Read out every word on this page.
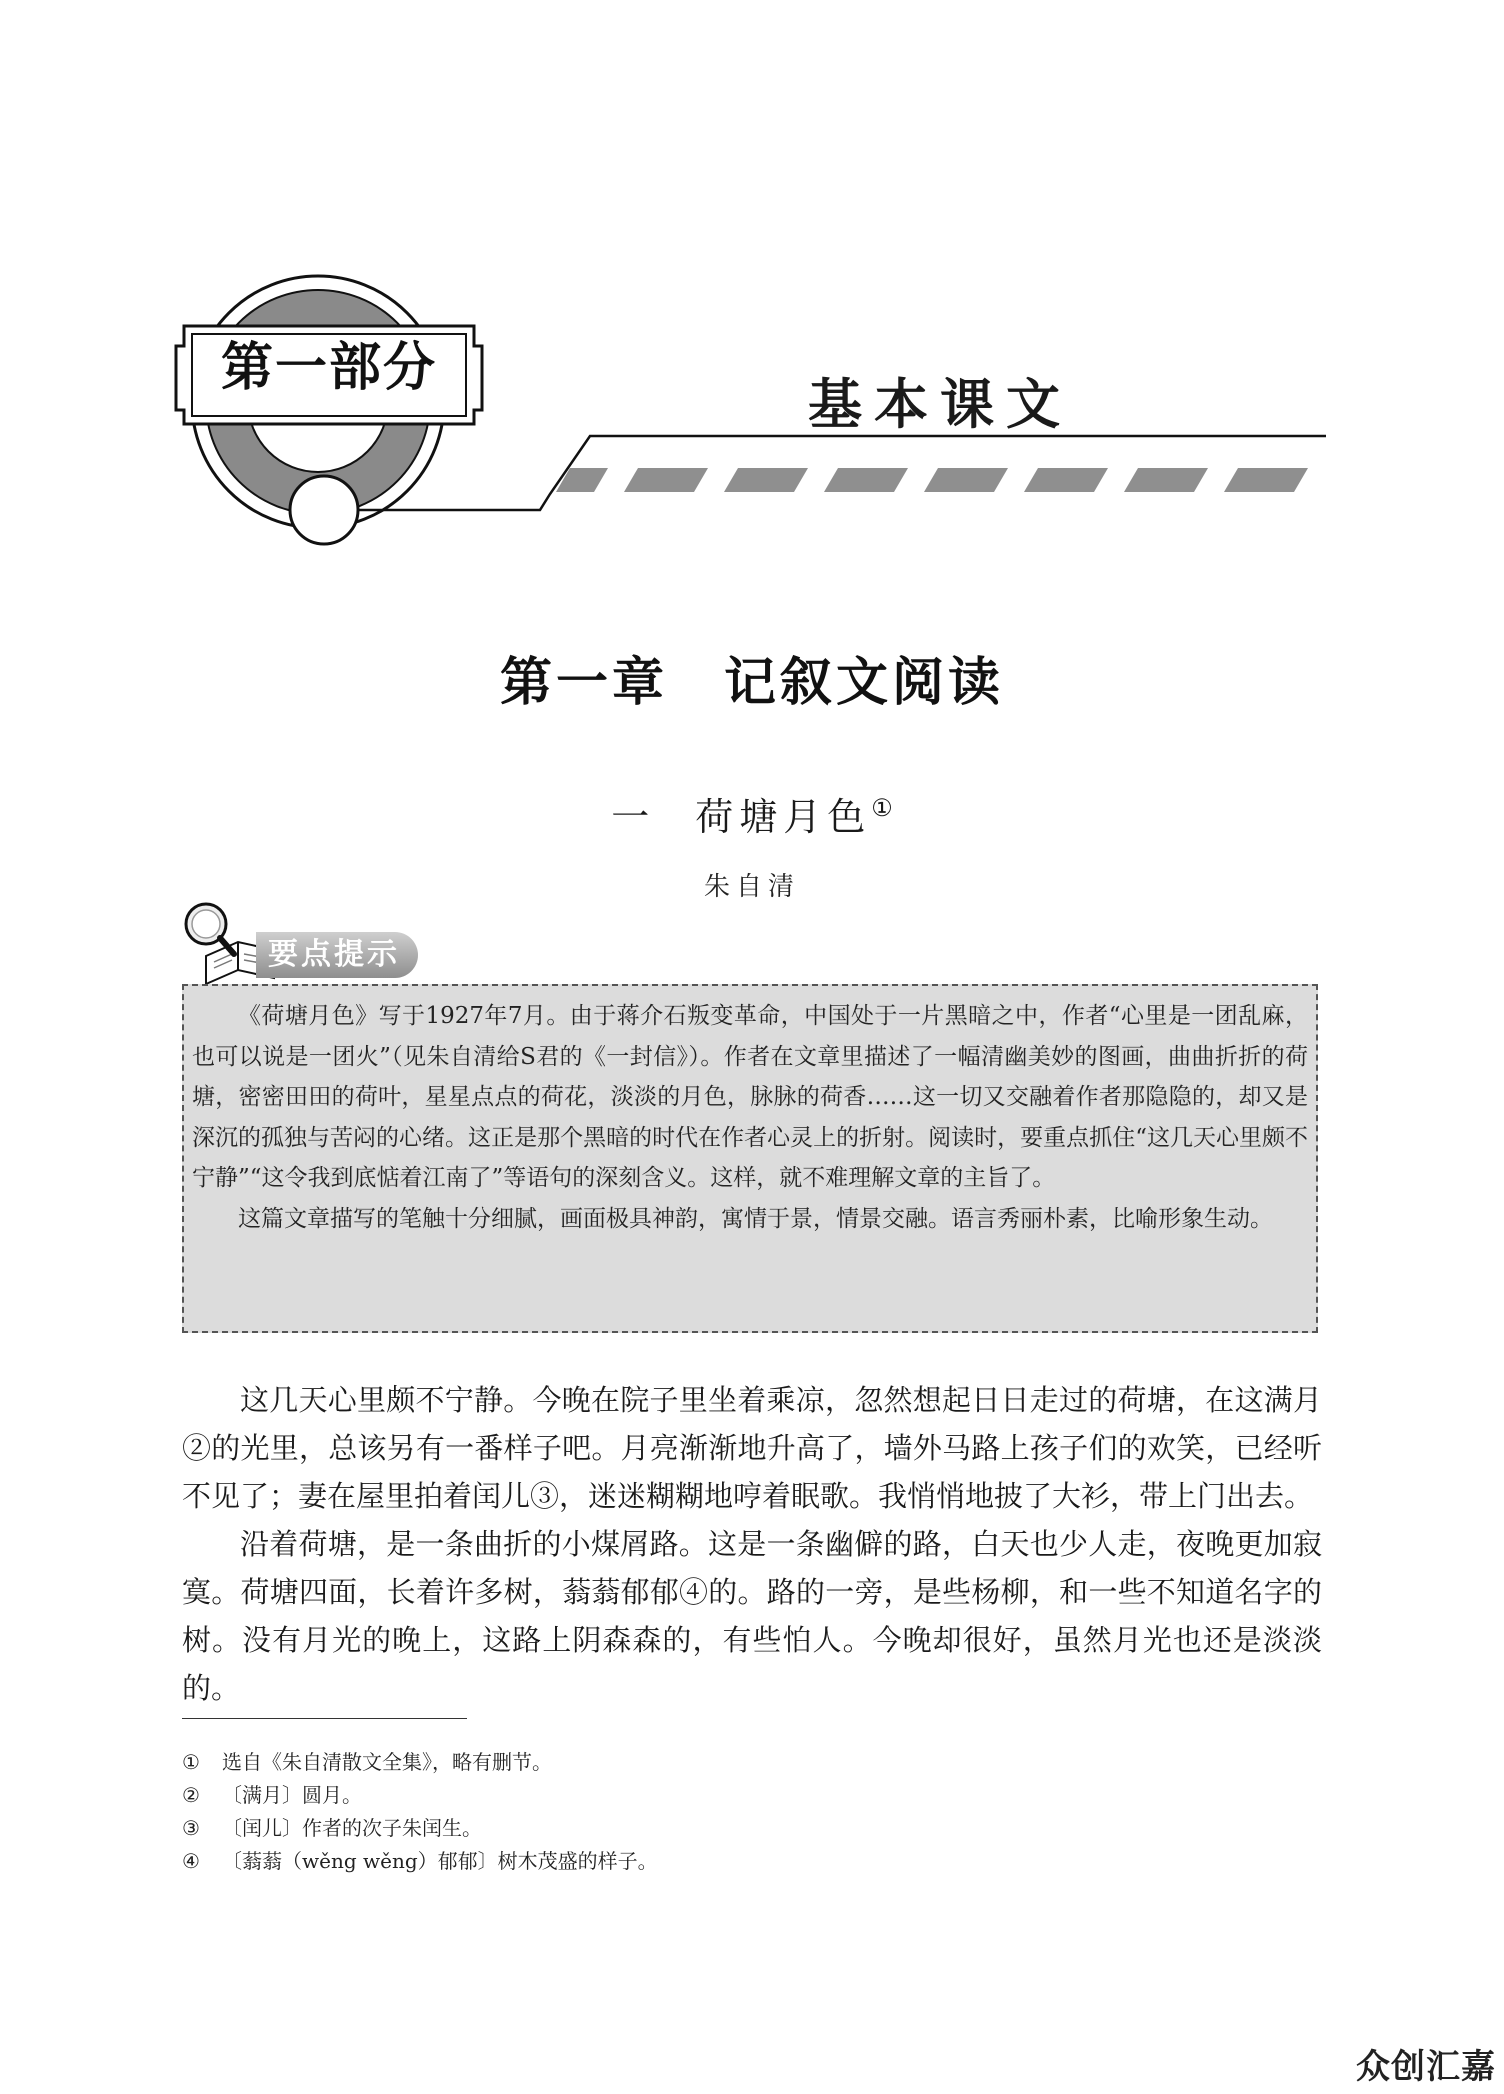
第一部分
基本课文
第一章 记叙文阅读
一 荷塘月色①
朱自清
要点提示

《荷塘月色》写于1927年7月。由于蒋介石叛变革命，中国处于一片黑暗之中，作者“心里是一团乱麻，也可以说是一团火”（见朱自清给S君的《一封信》）。作者在文章里描述了一幅清幽美妙的图画，曲曲折折的荷塘，密密田田的荷叶，星星点点的荷花，淡淡的月色，脉脉的荷香……这一切又交融着作者那隐隐的，却又是深沉的孤独与苦闷的心绪。这正是那个黑暗的时代在作者心灵上的折射。阅读时，要重点抓住“这几天心里颇不宁静”“这令我到底惦着江南了”等语句的深刻含义。这样，就不难理解文章的主旨了。

这篇文章描写的笔触十分细腻，画面极具神韵，寓情于景，情景交融。语言秀丽朴素，比喻形象生动。

这几天心里颇不宁静。今晚在院子里坐着乘凉，忽然想起日日走过的荷塘，在这满月②的光里，总该另有一番样子吧。月亮渐渐地升高了，墙外马路上孩子们的欢笑，已经听不见了；妻在屋里拍着闰儿③，迷迷糊糊地哼着眠歌。我悄悄地披了大衫，带上门出去。

沿着荷塘，是一条曲折的小煤屑路。这是一条幽僻的路，白天也少人走，夜晚更加寂寞。荷塘四面，长着许多树，蓊蓊郁郁④的。路的一旁，是些杨柳，和一些不知道名字的树。没有月光的晚上，这路上阴森森的，有些怕人。今晚却很好，虽然月光也还是淡淡的。

① 选自《朱自清散文全集》，略有删节。
② 〔满月〕圆月。
③ 〔闰儿〕作者的次子朱闰生。
④ 〔蓊蓊（wěng wěng）郁郁〕树木茂盛的样子。
众创汇嘉
